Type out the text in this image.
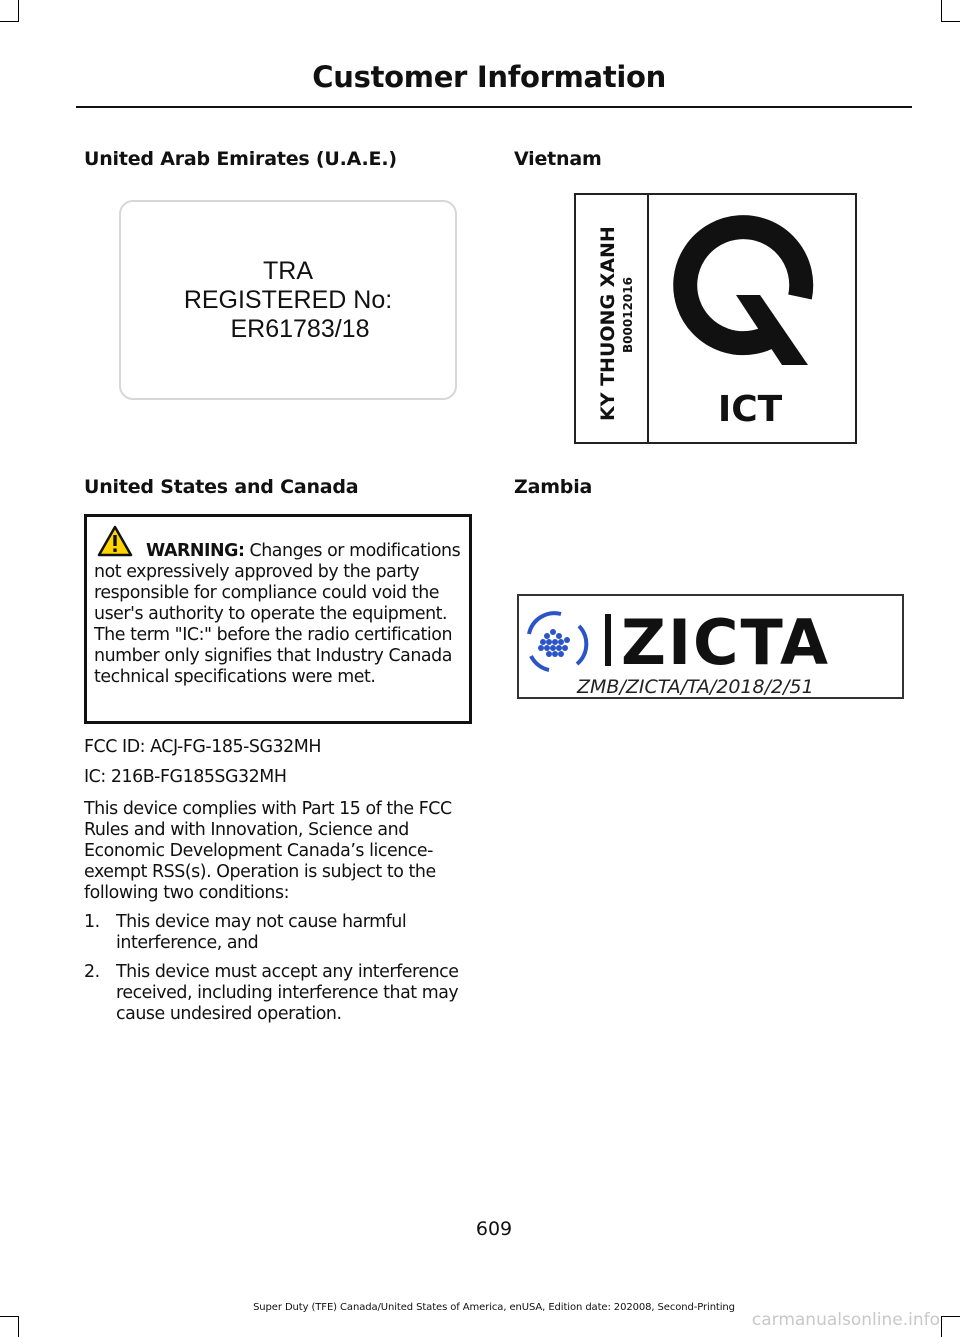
Customer Information
United Arab Emirates (U.A.E.)
TRA
REGISTERED No:
ER61783/18
United States and Canada
WARNING: Changes or modifications not expressively approved by the party responsible for compliance could void the user's authority to operate the equipment. The term "IC:" before the radio certification number only signifies that Industry Canada technical specifications were met.

FCC ID: ACJ-FG-185-SG32MH

IC: 216B-FG185SG32MH

This device complies with Part 15 of the FCC Rules and with Innovation, Science and Economic Development Canada’s licence-exempt RSS(s). Operation is subject to the following two conditions:

1. This device may not cause harmful interference, and
2. This device must accept any interference received, including interference that may cause undesired operation.
Vietnam
KY THUONG XANH B00012016
ICT
Zambia
ZICTA
ZMB/ZICTA/TA/2018/2/51
609
Super Duty (TFE) Canada/United States of America, enUSA, Edition date: 202008, Second-Printing
carmanualsonline.info
